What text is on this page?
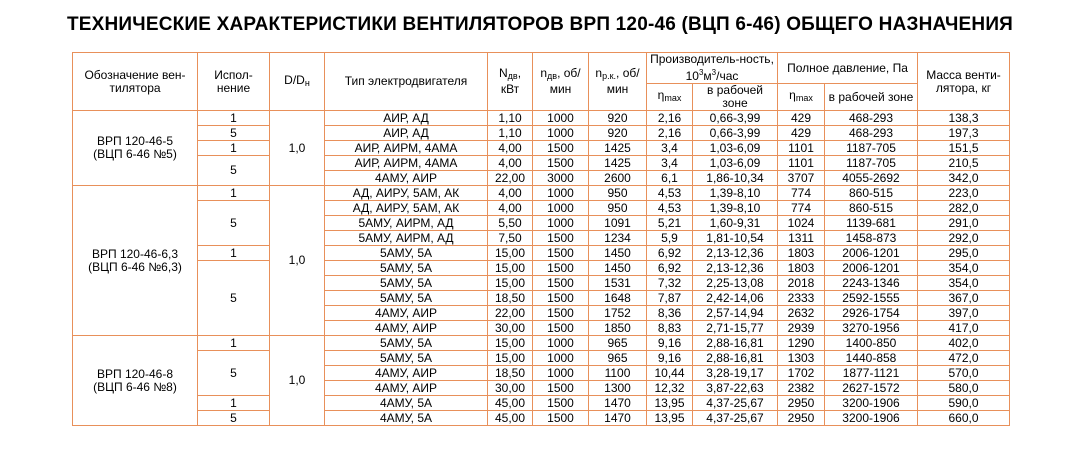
ТЕХНИЧЕСКИЕ ХАРАКТЕРИСТИКИ ВЕНТИЛЯТОРОВ ВРП 120-46 (ВЦП 6-46) ОБЩЕГО НАЗНАЧЕНИЯ
Обозначение вен-тилятора	Испол-нение	$D/D_н$	Тип электродвигателя	$N_{дв}$, кВт	$n_{дв}$, об/мин	$n_{р.к.}$, об/мин	Производитель-ность, $10^3м^3$/час		Полное давление, Па		Масса венти-лятора, кг
							$\eta_{max}$	в рабочей зоне	$\eta_{max}$	в рабочей зоне	
ВРП 120-46-5 (ВЦП 6-46 №5)	1	1,0	АИР, АД	1,10	1000	920	2,16	0,66-3,99	429	468-293	138,3
	5		АИР, АД	1,10	1000	920	2,16	0,66-3,99	429	468-293	197,3
	1		АИР, АИРМ, 4АМА	4,00	1500	1425	3,4	1,03-6,09	1101	1187-705	151,5
	5		АИР, АИРМ, 4АМА	4,00	1500	1425	3,4	1,03-6,09	1101	1187-705	210,5
			4АМУ, АИР	22,00	3000	2600	6,1	1,86-10,34	3707	4055-2692	342,0
ВРП 120-46-6,3 (ВЦП 6-46 №6,3)	1	1,0	АД, АИРУ, 5АМ, АК	4,00	1000	950	4,53	1,39-8,10	774	860-515	223,0
	5		АД, АИРУ, 5АМ, АК	4,00	1000	950	4,53	1,39-8,10	774	860-515	282,0
			5АМУ, АИРМ, АД	5,50	1000	1091	5,21	1,60-9,31	1024	1139-681	291,0
			5АМУ, АИРМ, АД	7,50	1500	1234	5,9	1,81-10,54	1311	1458-873	292,0
	1		5АМУ, 5А	15,00	1500	1450	6,92	2,13-12,36	1803	2006-1201	295,0
	5		5АМУ, 5А	15,00	1500	1450	6,92	2,13-12,36	1803	2006-1201	354,0
			5АМУ, 5А	15,00	1500	1531	7,32	2,25-13,08	2018	2243-1346	354,0
			5АМУ, 5А	18,50	1500	1648	7,87	2,42-14,06	2333	2592-1555	367,0
			4АМУ, АИР	22,00	1500	1752	8,36	2,57-14,94	2632	2926-1754	397,0
			4АМУ, АИР	30,00	1500	1850	8,83	2,71-15,77	2939	3270-1956	417,0
ВРП 120-46-8 (ВЦП 6-46 №8)	1	1,0	5АМУ, 5А	15,00	1000	965	9,16	2,88-16,81	1290	1400-850	402,0
	5		5АМУ, 5А	15,00	1000	965	9,16	2,88-16,81	1303	1440-858	472,0
			4АМУ, АИР	18,50	1000	1100	10,44	3,28-19,17	1702	1877-1121	570,0
			4АМУ, АИР	30,00	1500	1300	12,32	3,87-22,63	2382	2627-1572	580,0
	1		4АМУ, 5А	45,00	1500	1470	13,95	4,37-25,67	2950	3200-1906	590,0
	5		4АМУ, 5А	45,00	1500	1470	13,95	4,37-25,67	2950	3200-1906	660,0
